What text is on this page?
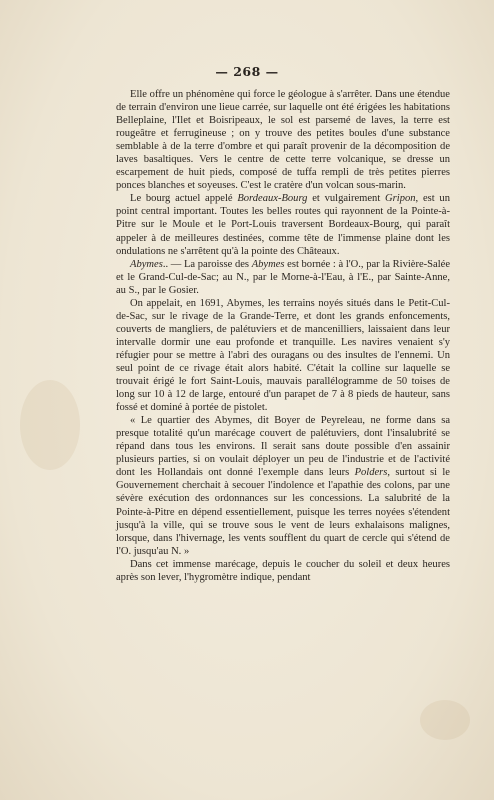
— 268 —

Elle offre un phénomène qui force le géologue à s'arrêter. Dans une étendue de terrain d'environ une lieue carrée, sur laquelle ont été érigées les habitations Belleplaine, l'Ilet et Boisripeaux, le sol est parsemé de laves, la terre est rougeâtre et ferrugineuse ; on y trouve des petites boules d'une substance semblable à de la terre d'ombre et qui paraît provenir de la décomposition de laves basaltiques. Vers le centre de cette terre volcanique, se dresse un escarpement de huit pieds, composé de tuffa rempli de très petites pierres ponces blanches et soyeuses. C'est le cratère d'un volcan sous-marin.

Le bourg actuel appelé Bordeaux-Bourg et vulgairement Gripon, est un point central important. Toutes les belles routes qui rayonnent de la Pointe-à-Pitre sur le Moule et le Port-Louis traversent Bordeaux-Bourg, qui paraît appeler à de meilleures destinées, comme tête de l'immense plaine dont les ondulations ne s'arrêtent qu'à la pointe des Châteaux.

Abymes.. — La paroisse des Abymes est bornée : à l'O., par la Rivière-Salée et le Grand-Cul-de-Sac; au N., par le Morne-à-l'Eau, à l'E., par Sainte-Anne, au S., par le Gosier.

On appelait, en 1691, Abymes, les terrains noyés situés dans le Petit-Cul-de-Sac, sur le rivage de la Grande-Terre, et dont les grands enfoncements, couverts de mangliers, de palétuviers et de mancenilliers, laissaient dans leur intervalle dormir une eau profonde et tranquille. Les navires venaient s'y réfugier pour se mettre à l'abri des ouragans ou des insultes de l'ennemi. Un seul point de ce rivage était alors habité. C'était la colline sur laquelle se trouvait érigé le fort Saint-Louis, mauvais parallélogramme de 50 toises de long sur 10 à 12 de large, entouré d'un parapet de 7 à 8 pieds de hauteur, sans fossé et dominé à portée de pistolet.

« Le quartier des Abymes, dit Boyer de Peyreleau, ne forme dans sa presque totalité qu'un marécage couvert de palétuviers, dont l'insalubrité se répand dans tous les environs. Il serait sans doute possible d'en assainir plusieurs parties, si on voulait déployer un peu de l'industrie et de l'activité dont les Hollandais ont donné l'exemple dans leurs Polders, surtout si le Gouvernement cherchait à secouer l'indolence et l'apathie des colons, par une sévère exécution des ordonnances sur les concessions. La salubrité de la Pointe-à-Pitre en dépend essentiellement, puisque les terres noyées s'étendent jusqu'à la ville, qui se trouve sous le vent de leurs exhalaisons malignes, lorsque, dans l'hivernage, les vents soufflent du quart de cercle qui s'étend de l'O. jusqu'au N. »

Dans cet immense marécage, depuis le coucher du soleil et deux heures après son lever, l'hygromètre indique, pendant
